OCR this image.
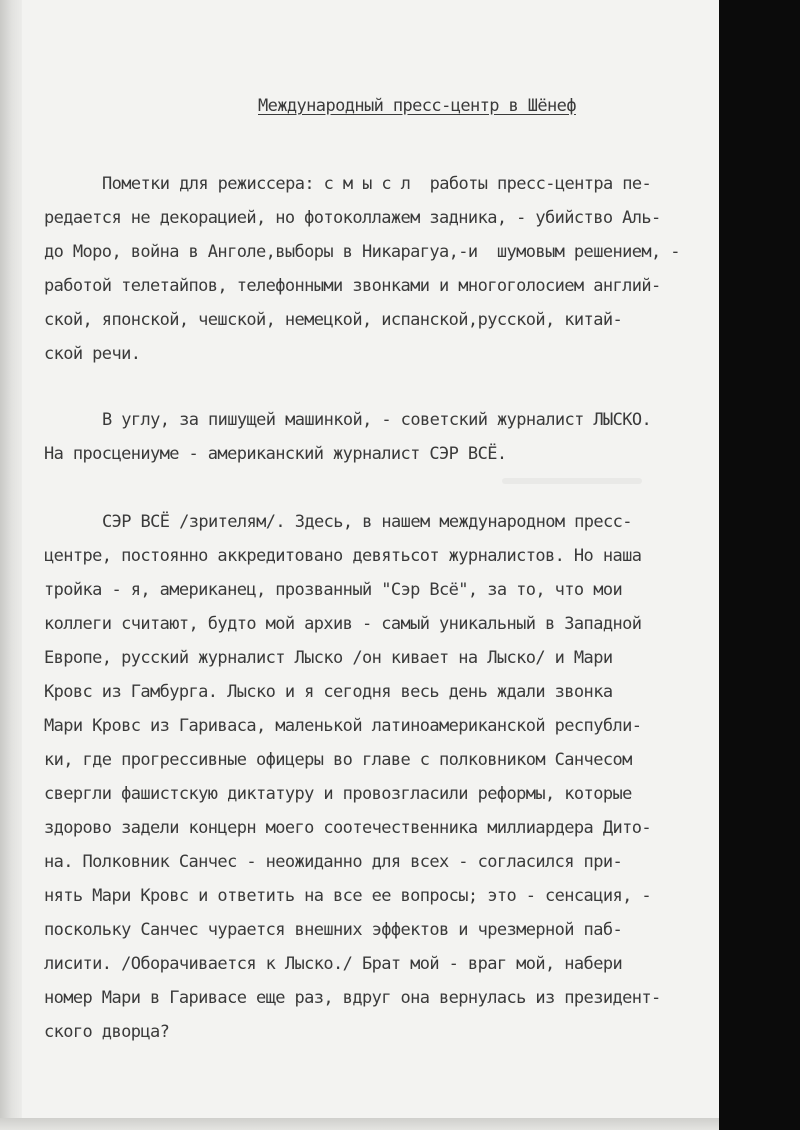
Международный пресс-центр в Шёнеф
Пометки для режиссера: с м ы с л  работы пресс-центра пе-
редается не декорацией, но фотоколлажем задника, - убийство Аль-
до Моро, война в Анголе,выборы в Никарагуа,-и  шумовым решением, -
работой телетайпов, телефонными звонками и многоголосием англий-
ской, японской, чешской, немецкой, испанской,русской, китай-
ской речи.
В углу, за пишущей машинкой, - советский журналист ЛЫСКО.
На просцениуме - американский журналист СЭР ВСЁ.
СЭР ВСЁ /зрителям/. Здесь, в нашем международном пресс-
центре, постоянно аккредитовано девятьсот журналистов. Но наша
тройка - я, американец, прозванный "Сэр Всё", за то, что мои
коллеги считают, будто мой архив - самый уникальный в Западной
Европе, русский журналист Лыско /он кивает на Лыско/ и Мари
Кровс из Гамбурга. Лыско и я сегодня весь день ждали звонка
Мари Кровс из Гариваса, маленькой латиноамериканской республи-
ки, где прогрессивные офицеры во главе с полковником Санчесом
свергли фашистскую диктатуру и провозгласили реформы, которые
здорово задели концерн моего соотечественника миллиардера Дито-
на. Полковник Санчес - неожиданно для всех - согласился при-
нять Мари Кровс и ответить на все ее вопросы; это - сенсация, -
поскольку Санчес чурается внешних эффектов и чрезмерной паб-
лисити. /Оборачивается к Лыско./ Брат мой - враг мой, набери
номер Мари в Гаривасе еще раз, вдруг она вернулась из президент-
ского дворца?
